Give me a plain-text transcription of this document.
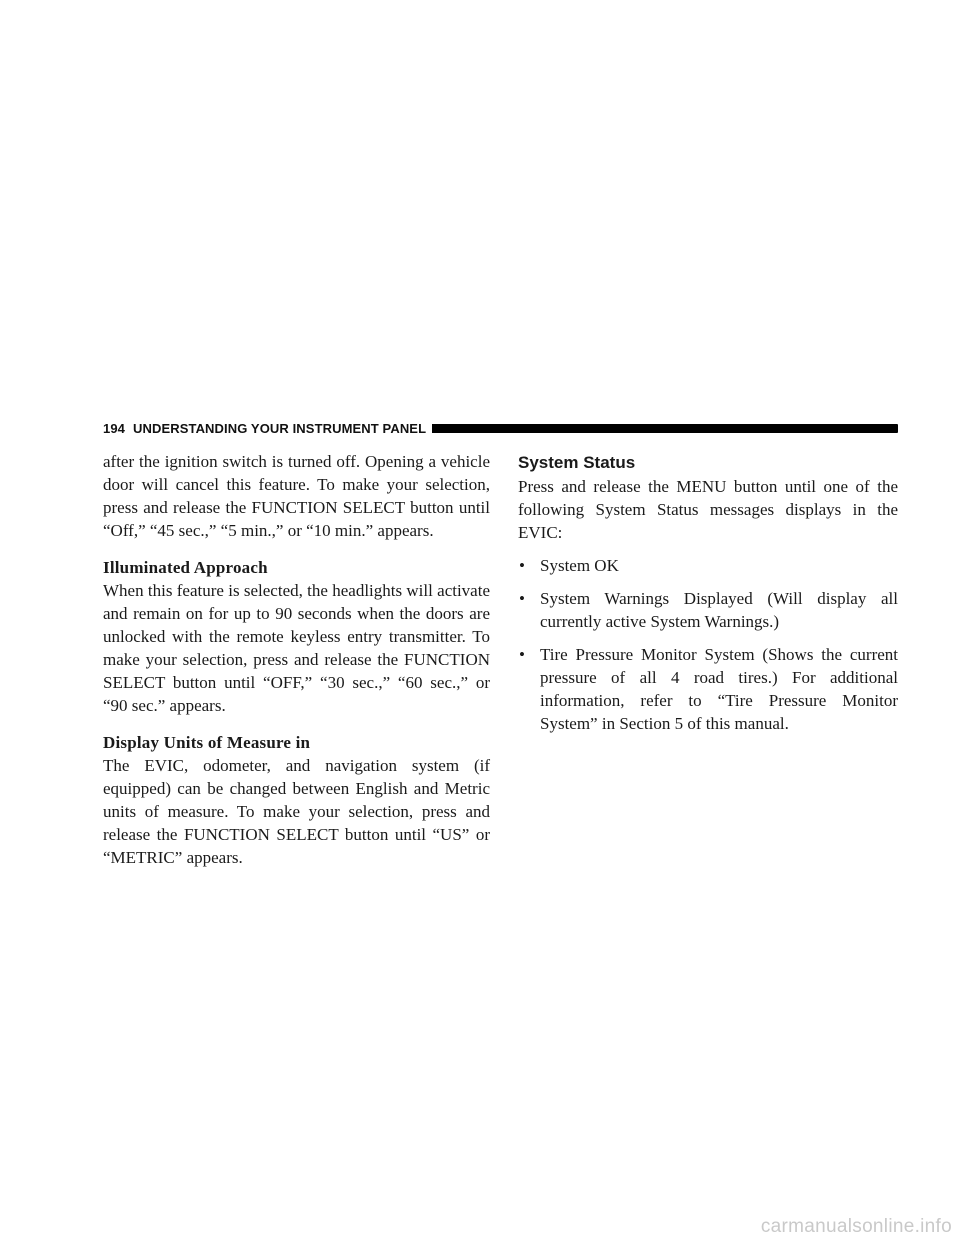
194 UNDERSTANDING YOUR INSTRUMENT PANEL

after the ignition switch is turned off. Opening a vehicle door will cancel this feature. To make your selection, press and release the FUNCTION SELECT button until “Off,” “45 sec.,” “5 min.,” or “10 min.” appears.

Illuminated Approach

When this feature is selected, the headlights will activate and remain on for up to 90 seconds when the doors are unlocked with the remote keyless entry transmitter. To make your selection, press and release the FUNCTION SELECT button until “OFF,” “30 sec.,” “60 sec.,” or “90 sec.” appears.

Display Units of Measure in

The EVIC, odometer, and navigation system (if equipped) can be changed between English and Metric units of measure. To make your selection, press and release the FUNCTION SELECT button until “US” or “METRIC” appears.

System Status

Press and release the MENU button until one of the following System Status messages displays in the EVIC:

• System OK
• System Warnings Displayed (Will display all currently active System Warnings.)
• Tire Pressure Monitor System (Shows the current pressure of all 4 road tires.) For additional information, refer to “Tire Pressure Monitor System” in Section 5 of this manual.
carmanualsonline.info
